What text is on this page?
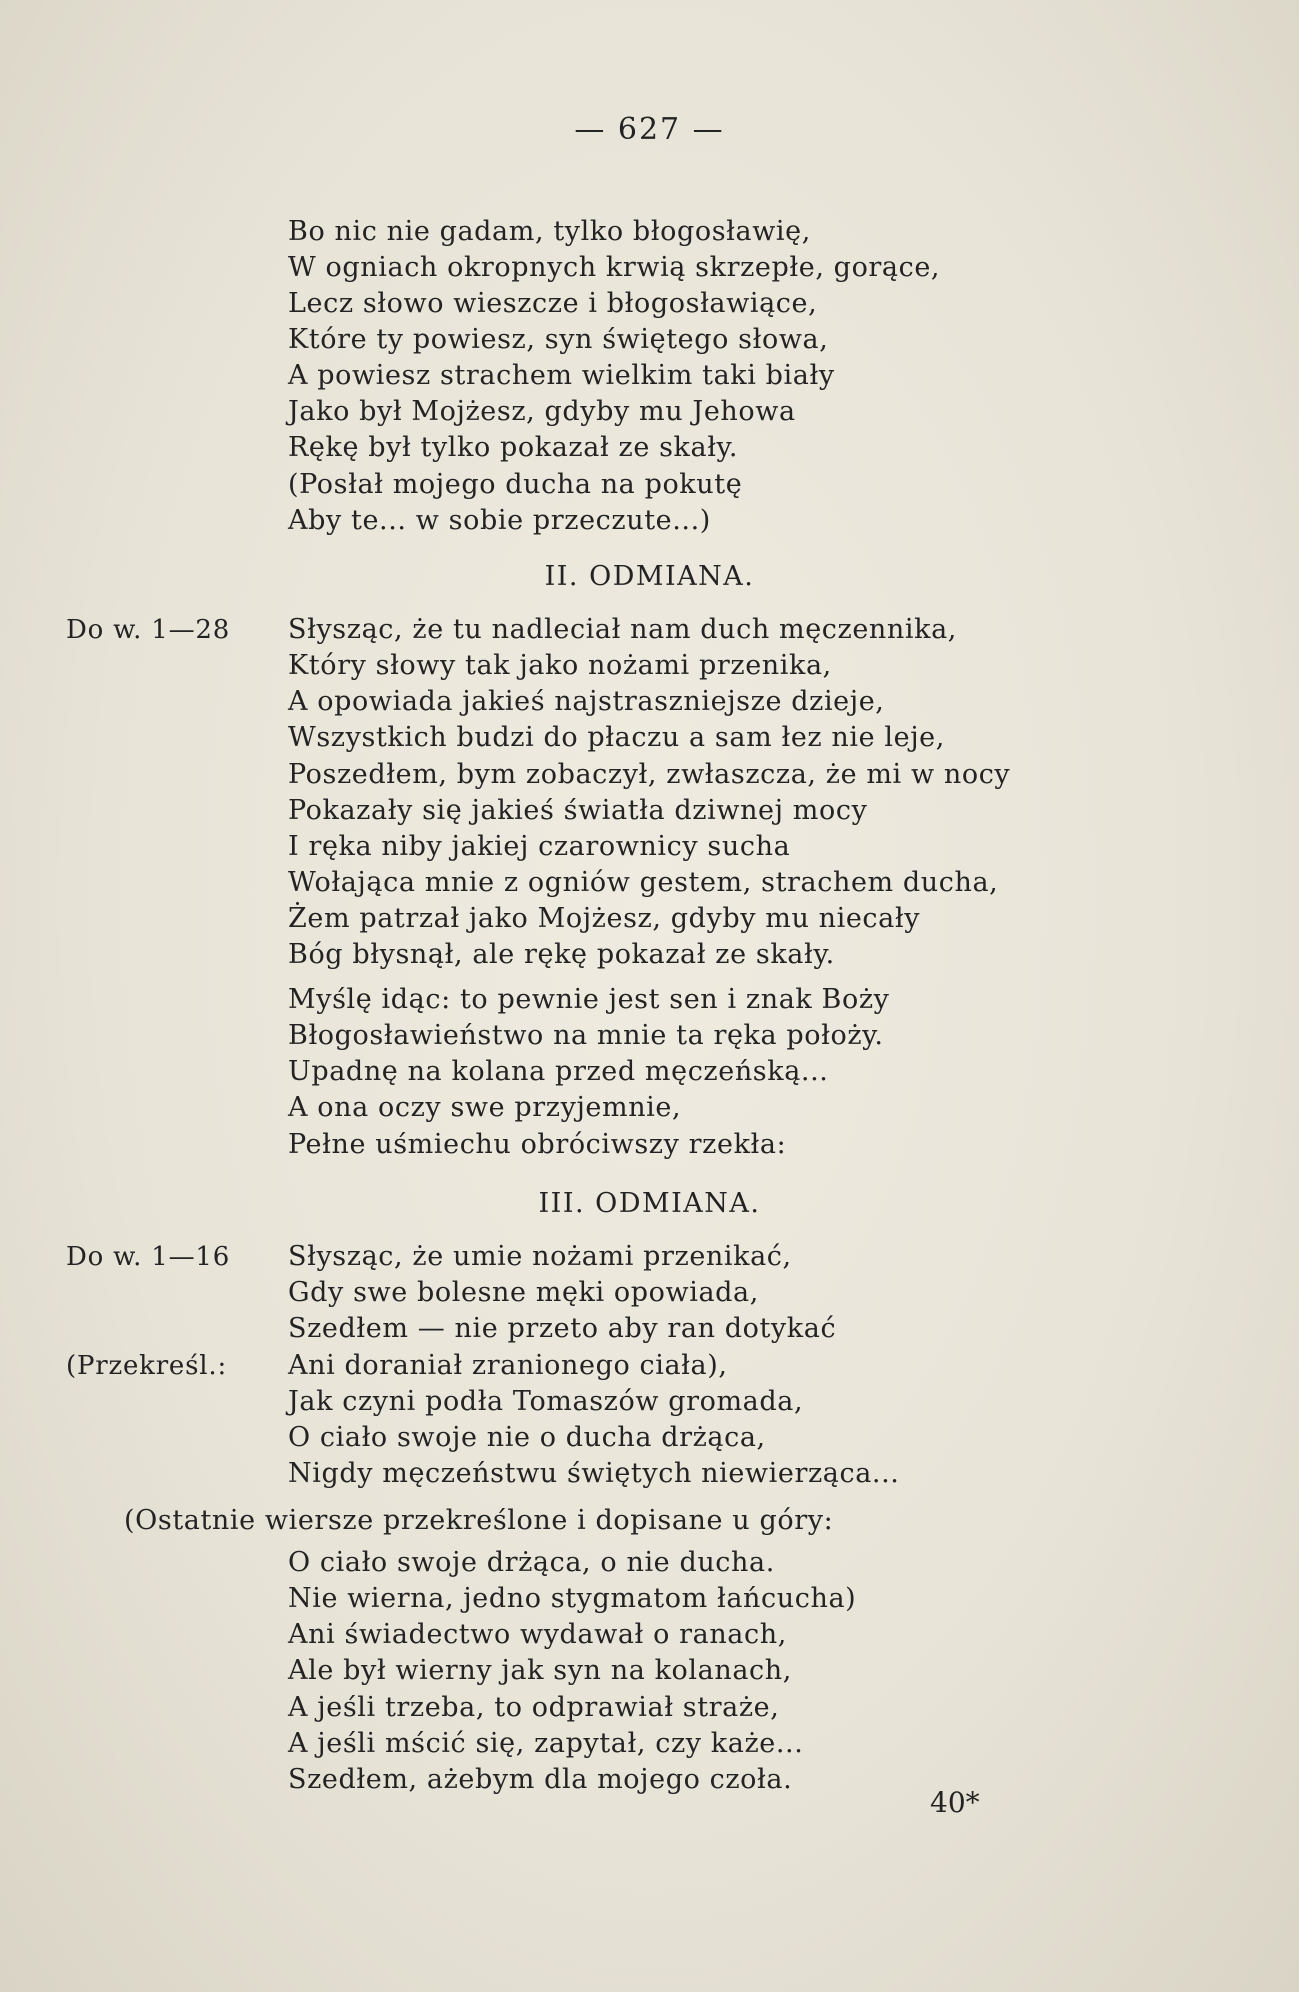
— 627 —
Bo nic nie gadam, tylko błogosławię,
W ogniach okropnych krwią skrzepłe, gorące,
Lecz słowo wieszcze i błogosławiące,
Które ty powiesz, syn świętego słowa,
A powiesz strachem wielkim taki biały
Jako był Mojżesz, gdyby mu Jehowa
Rękę był tylko pokazał ze skały.
(Posłał mojego ducha na pokutę
Aby te... w sobie przeczute...)
II. ODMIANA.
Do w. 1—28 Słysząc, że tu nadleciał nam duch męczennika,
Który słowy tak jako nożami przenika,
A opowiada jakieś najstraszniejsze dzieje,
Wszystkich budzi do płaczu a sam łez nie leje,
Poszedłem, bym zobaczył, zwłaszcza, że mi w nocy
Pokazały się jakieś światła dziwnej mocy
I ręka niby jakiej czarownicy sucha
Wołająca mnie z ogniów gestem, strachem ducha,
Żem patrzał jako Mojżesz, gdyby mu niecały
Bóg błysnął, ale rękę pokazał ze skały.
Myślę idąc: to pewnie jest sen i znak Boży
Błogosławieństwo na mnie ta ręka położy.
Upadnę na kolana przed męczeńską...
A ona oczy swe przyjemnie,
Pełne uśmiechu obróciwszy rzekła:
III. ODMIANA.
Do w. 1—16
(Przekreśl.:
Słysząc, że umie nożami przenikać,
Gdy swe bolesne męki opowiada,
Szedłem — nie przeto aby ran dotykać
Ani doraniał zranionego ciała),
Jak czyni podła Tomaszów gromada,
O ciało swoje nie o ducha drżąca,
Nigdy męczeństwu świętych niewierząca...
(Ostatnie wiersze przekreślone i dopisane u góry:
O ciało swoje drżąca, o nie ducha.
Nie wierna, jedno stygmatom łańcucha)
Ani świadectwo wydawał o ranach,
Ale był wierny jak syn na kolanach,
A jeśli trzeba, to odprawiał straże,
A jeśli mścić się, zapytał, czy każe...
Szedłem, ażebym dla mojego czoła.
40*
